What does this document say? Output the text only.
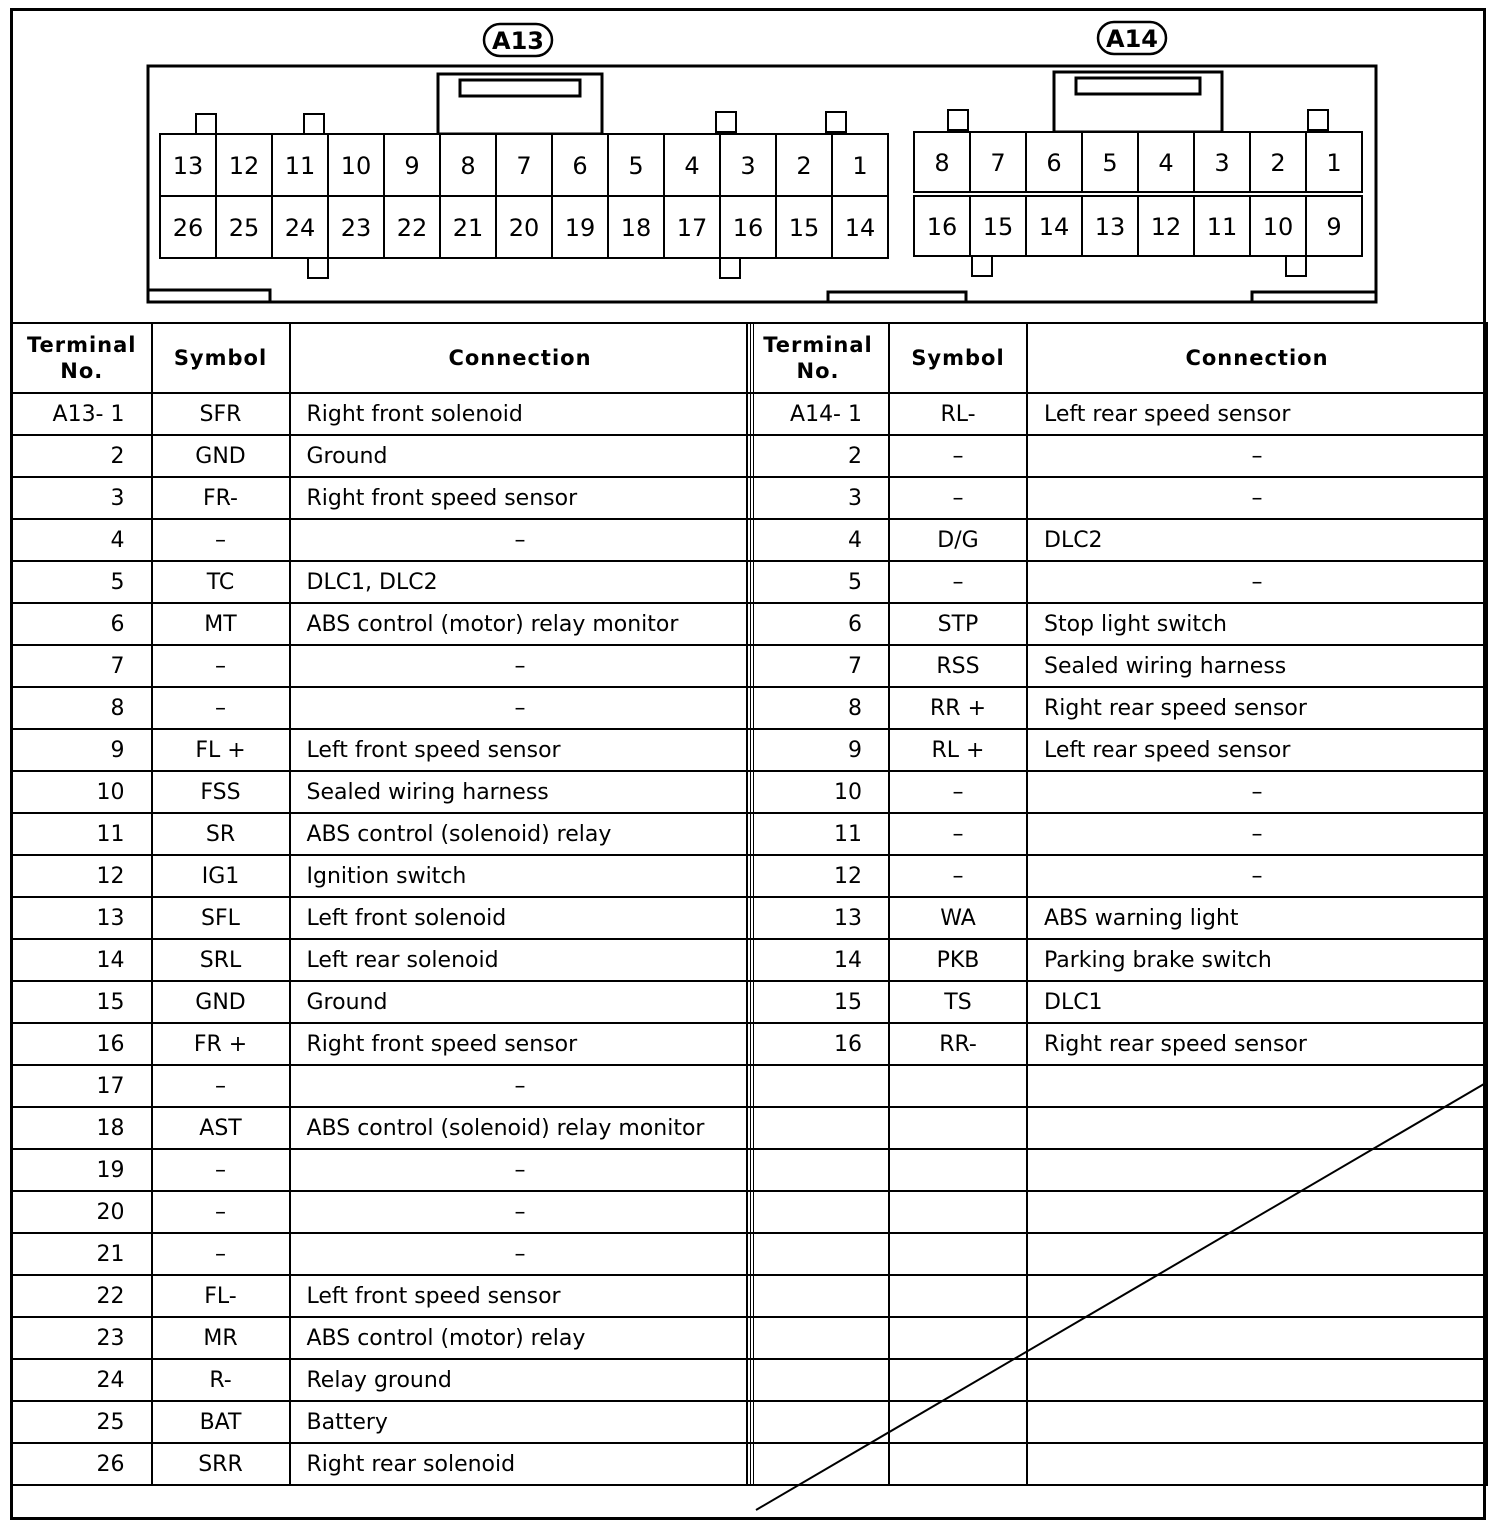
13
26
12
25
11
24
10
23
9
22
8
21
7
20
6
19
5
18
4
17
3
16
2
15
1
14
8
16
7
15
6
14
5
13
4
12
3
11
2
10
1
9
A13	A14
Terminal
No.	Symbol	Connection
A13- 1	SFR	Right front solenoid
2	GND	Ground
3	FR-	Right front speed sensor
4	–	–
5	TC	DLC1, DLC2
6	MT	ABS control (motor) relay monitor
7	–	–
8	–	–
9	FL +	Left front speed sensor
10	FSS	Sealed wiring harness
11	SR	ABS control (solenoid) relay
12	IG1	Ignition switch
13	SFL	Left front solenoid
14	SRL	Left rear solenoid
15	GND	Ground
16	FR +	Right front speed sensor
17	–	–
18	AST	ABS control (solenoid) relay monitor
19	–	–
20	–	–
21	–	–
22	FL-	Left front speed sensor
23	MR	ABS control (motor) relay
24	R-	Relay ground
25	BAT	Battery
26	SRR	Right rear solenoid
Terminal
No.	Symbol	Connection
A14- 1	RL-	Left rear speed sensor
2	–	–
3	–	–
4	D/G	DLC2
5	–	–
6	STP	Stop light switch
7	RSS	Sealed wiring harness
8	RR +	Right rear speed sensor
9	RL +	Left rear speed sensor
10	–	–
11	–	–
12	–	–
13	WA	ABS warning light
14	PKB	Parking brake switch
15	TS	DLC1
16	RR-	Right rear speed sensor
